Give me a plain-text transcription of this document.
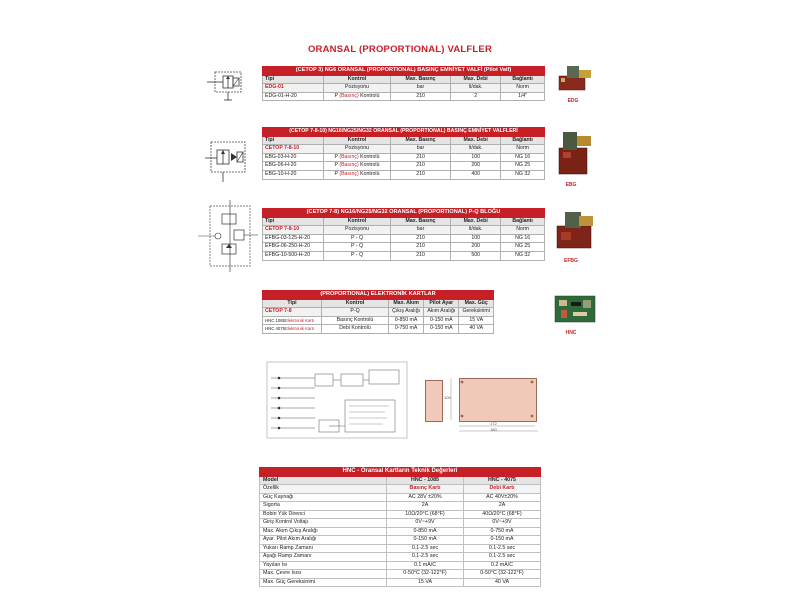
ORANSAL (PROPORTIONAL) VALFLER
(CETOP 3) NG6 ORANSAL (PROPORTIONAL) BASINÇ EMNİYET VALFİ (Pilot Valf)				
Tipi	Kontrol	Max. Basınç	Max. Debi	Bağlantı
EDG-01	Pozisyonu	bar	lt/dak.	Norm
EDG-01-H-20	P (Basınç) Kontrolü	210	2	1/4"
EDG
(CETOP 7-8-10) NG16/NG25/NG32 ORANSAL (PROPORTIONAL) BASINÇ EMNİYET VALFLERİ				
Tipi	Kontrol	Max. Basınç	Max. Debi	Bağlantı
CETOP 7-8-10	Pozisyonu	bar	lt/dak.	Norm
EBG-03-H-20	P (Basınç) Kontrolü	210	100	NG 16
EBG-06-H-20	P (Basınç) Kontrolü	210	200	NG 25
EBG-10-H-20	P (Basınç) Kontrolü	210	400	NG 32
EBG
(CETOP 7-8) NG16/NG25/NG32 ORANSAL (PROPORTIONAL) P-Q BLOĞU				
Tipi	Kontrol	Max. Basınç	Max. Debi	Bağlantı
CETOP 7-8-10	Pozisyonu	bar	lt/dak.	Norm
EFBG-03-125-H-20	P - Q	210	100	NG 16
EFBG-06-250-H-20	P - Q	210	200	NG 25
EFBG-10-500-H-20	P - Q	210	500	NG 32
EFBG
(PROPORTIONAL) ELEKTRONİK KARTLAR				
Tipi	Kontrol	Max. Akım	Pilot Ayar	Max. Güç
CETOP 7-8	P-Q	Çıkış Aralığı	Akım Aralığı	Gereksinimi
HNC 1085Elektronik Kartı	Basınç Kontrolü	0-850 mA	0-150 mA	15 VA
HNC 4075Elektronik Kartı	Debi Kontrolü	0-750 mA	0-150 mA	40 VA
HNC
100
172
180
HNC - Oransal Kartların Teknik Değerleri		
Model	HNC - 1085	HNC - 4075
Özellik	Basınç Kartı	Debi Kartı
Güç Kaynağı	AC 28V ±20%	AC 40V±20%
Sigorta	2A	2A
Bobin Yük Direnci	10Ω/20°C (68°F)	40Ω/20°C (68°F)
Giriş Kontrol Voltajı	0V~+9V	0V~+9V
Max. Akım Çıkış Aralığı	0-850 mA	0-750 mA
Ayar. Pilot Akım Aralığı	0-150 mA	0-150 mA
Yukarı Ramp Zamanı	0.1-2.5 sec	0.1-2.5 sec
Aşağı Ramp Zamanı	0.1-2.5 sec	0.1-2.5 sec
Yayılan Isı	0.1 mA/C	0.2 mA/C
Max. Çevre Isısı	0-50°C (32-122°F)	0-50°C (32-122°F)
Max. Güç Gereksinimi	15 VA	40 VA
